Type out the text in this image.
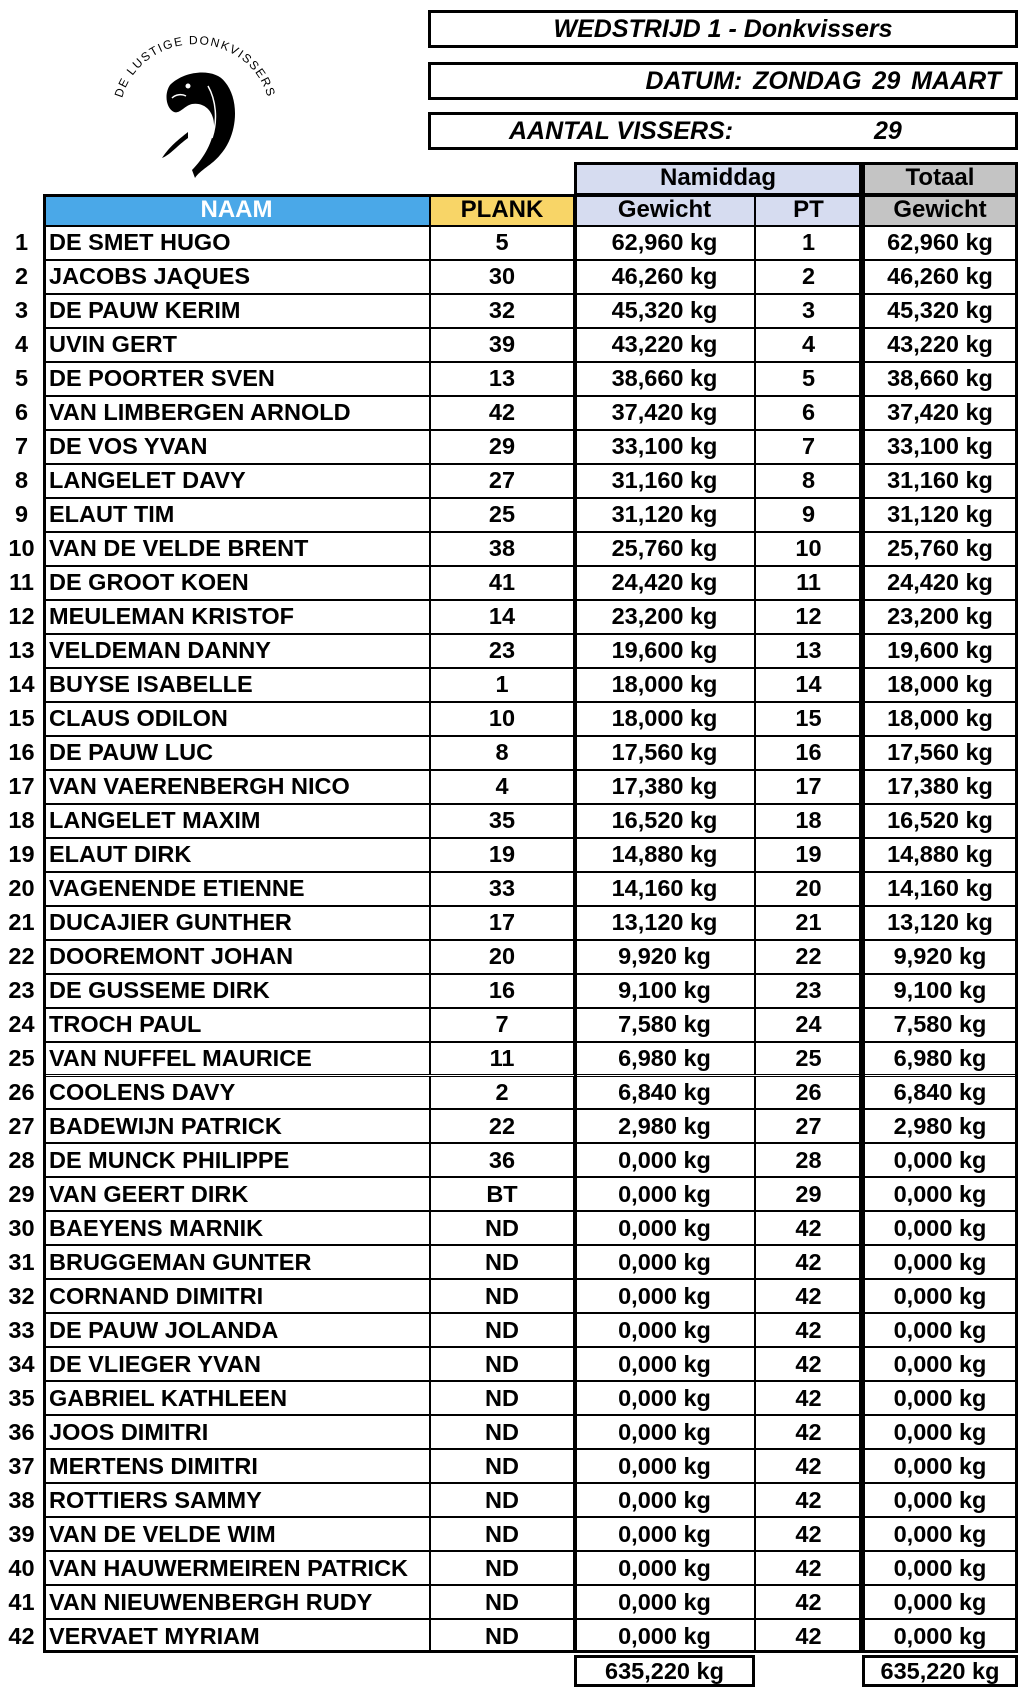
DE LUSTIGE DONKVISSERS
WEDSTRIJD 1 - Donkvissers
DATUM: ZONDAG 29 MAART
AANTAL VISSERS:	29
Namiddag	Totaal
NAAM	PLANK	Gewicht	PT	Gewicht
635,220 kg	635,220 kg
1 DE SMET HUGO	5	62,960 kg	1	62,960 kg
2 JACOBS JAQUES	30	46,260 kg	2	46,260 kg
3 DE PAUW KERIM	32	45,320 kg	3	45,320 kg
4 UVIN GERT	39	43,220 kg	4	43,220 kg
5 DE POORTER SVEN	13	38,660 kg	5	38,660 kg
6 VAN LIMBERGEN ARNOLD	42	37,420 kg	6	37,420 kg
7 DE VOS YVAN	29	33,100 kg	7	33,100 kg
8 LANGELET DAVY	27	31,160 kg	8	31,160 kg
9 ELAUT TIM	25	31,120 kg	9	31,120 kg
10 VAN DE VELDE BRENT	38	25,760 kg	10	25,760 kg
11 DE GROOT KOEN	41	24,420 kg	11	24,420 kg
12 MEULEMAN KRISTOF	14	23,200 kg	12	23,200 kg
13 VELDEMAN DANNY	23	19,600 kg	13	19,600 kg
14 BUYSE ISABELLE	1	18,000 kg	14	18,000 kg
15 CLAUS ODILON	10	18,000 kg	15	18,000 kg
16 DE PAUW LUC	8	17,560 kg	16	17,560 kg
17 VAN VAERENBERGH NICO	4	17,380 kg	17	17,380 kg
18 LANGELET MAXIM	35	16,520 kg	18	16,520 kg
19 ELAUT DIRK	19	14,880 kg	19	14,880 kg
20 VAGENENDE ETIENNE	33	14,160 kg	20	14,160 kg
21 DUCAJIER GUNTHER	17	13,120 kg	21	13,120 kg
22 DOOREMONT JOHAN	20	9,920 kg	22	9,920 kg
23 DE GUSSEME DIRK	16	9,100 kg	23	9,100 kg
24 TROCH PAUL	7	7,580 kg	24	7,580 kg
25 VAN NUFFEL MAURICE	11	6,980 kg	25	6,980 kg
26 COOLENS DAVY	2	6,840 kg	26	6,840 kg
27 BADEWIJN PATRICK	22	2,980 kg	27	2,980 kg
28 DE MUNCK PHILIPPE	36	0,000 kg	28	0,000 kg
29 VAN GEERT DIRK	BT	0,000 kg	29	0,000 kg
30 BAEYENS MARNIK	ND	0,000 kg	42	0,000 kg
31 BRUGGEMAN GUNTER	ND	0,000 kg	42	0,000 kg
32 CORNAND DIMITRI	ND	0,000 kg	42	0,000 kg
33 DE PAUW JOLANDA	ND	0,000 kg	42	0,000 kg
34 DE VLIEGER YVAN	ND	0,000 kg	42	0,000 kg
35 GABRIEL KATHLEEN	ND	0,000 kg	42	0,000 kg
36 JOOS DIMITRI	ND	0,000 kg	42	0,000 kg
37 MERTENS DIMITRI	ND	0,000 kg	42	0,000 kg
38 ROTTIERS SAMMY	ND	0,000 kg	42	0,000 kg
39 VAN DE VELDE WIM	ND	0,000 kg	42	0,000 kg
40 VAN HAUWERMEIREN PATRICK	ND	0,000 kg	42	0,000 kg
41 VAN NIEUWENBERGH RUDY	ND	0,000 kg	42	0,000 kg
42 VERVAET MYRIAM	ND	0,000 kg	42	0,000 kg
